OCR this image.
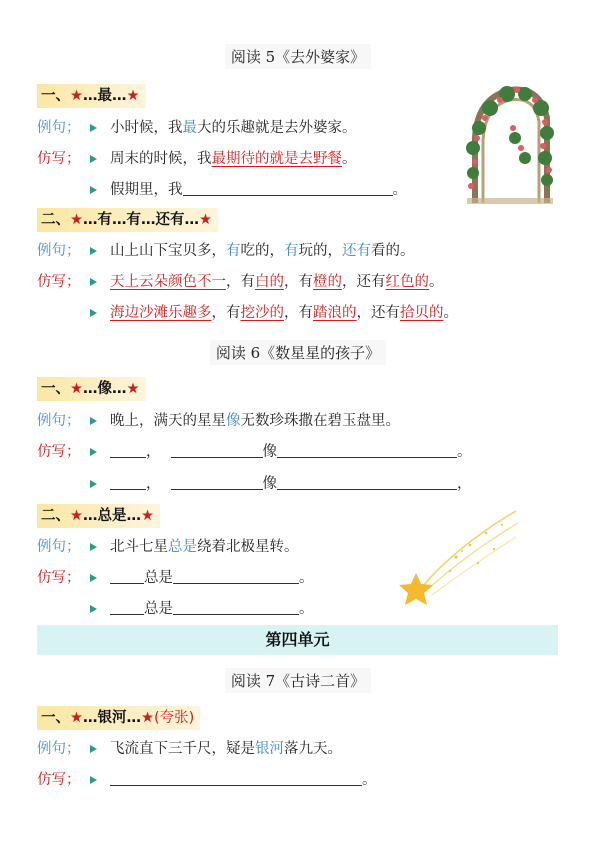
阅读 5《去外婆家》
一、★…最…★
例句； 小时候，我最大的乐趣就是去外婆家。
仿写； 周末的时候，我最期待的就是去野餐。
假期里，我	。
二、★…有…有…还有…★
例句； 山上山下宝贝多，有吃的，有玩的，还有看的。
仿写； 天上云朵颜色不一，有白的，有橙的，还有红色的。
海边沙滩乐趣多，有挖沙的，有踏浪的，还有拾贝的。
阅读 6《数星星的孩子》
一、★…像…★
例句； 晚上，满天的星星像无数珍珠撒在碧玉盘里。
仿写；	，	像	。
，	像	，
二、★…总是…★
例句； 北斗七星总是绕着北极星转。
仿写；	总是	。
总是	。
第四单元
阅读 7《古诗二首》
一、★…银河…★(夸张)
例句； 飞流直下三千尺，疑是银河落九天。
仿写；	。
